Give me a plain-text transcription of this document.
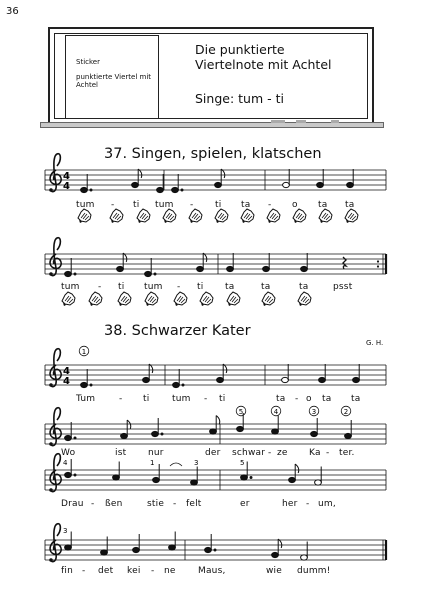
36
Sticker
punktierte Viertel mit Achtel
Die punktierte
Viertelnote mit Achtel
Singe: tum - ti
37. Singen, spielen, klatschen
4
4
4
4
1
5	4	3	2
4	1	3	5
3
tum - ti tum - ti ta - o ta ta
tum - ti tum - ti ta	ta	ta	psst
38. Schwarzer Kater
G. H.
Tum	- ti	tum - ti	ta - o ta ta
Wo	ist nur	der schwar - ze Ka - ter.
Drau - ßen	stie - felt	er	her - um,
fin - det kei - ne Maus,	wie dumm!
